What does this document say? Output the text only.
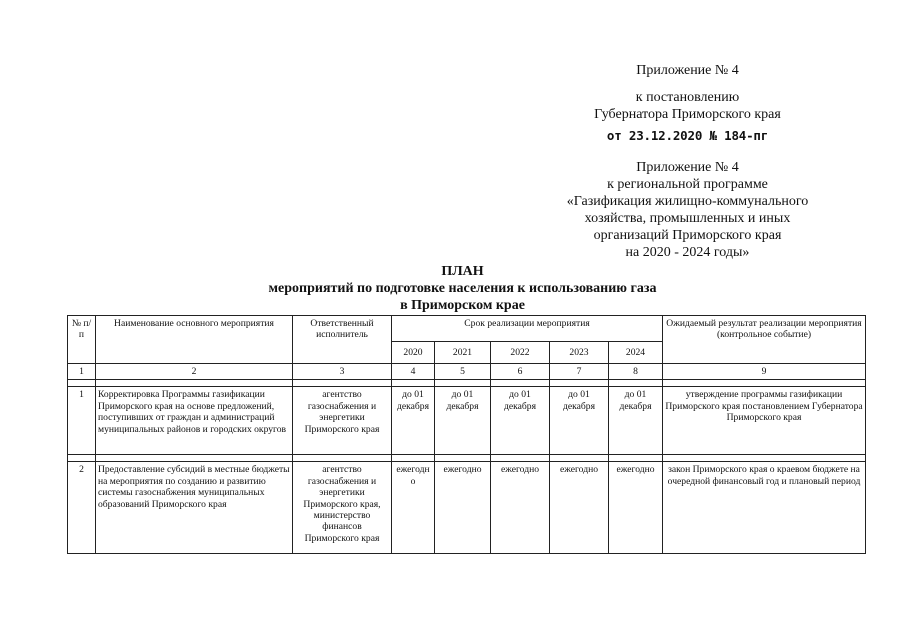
Приложение № 4
к постановлению
Губернатора Приморского края
от 23.12.2020 № 184-пг
Приложение № 4
к региональной программе
«Газификация жилищно-коммунального
хозяйства, промышленных и иных
организаций Приморского края
на 2020 - 2024 годы»
ПЛАН
мероприятий по подготовке населения к использованию газа
в Приморском крае
№ п/п	Наименование основного мероприятия	Ответственный исполнитель	Срок реализации мероприятия					Ожидаемый результат реализации мероприятия (контрольное событие)
			2020	2021	2022	2023	2024	
1	2	3	4	5	6	7	8	9

1	Корректировка Программы газификации Приморского края на основе предложений, поступивших от граждан и администраций муниципальных районов и городских округов	агентство газоснабжения и энергетики Приморского края	до 01 декабря	до 01 декабря	до 01 декабря	до 01 декабря	до 01 декабря	утверждение программы газификации Приморского края постановлением Губернатора Приморского края

2	Предоставление субсидий в местные бюджеты на мероприятия по созданию и развитию системы газоснабжения муниципальных образований Приморского края	агентство газоснабжения и энергетики Приморского края, министерство финансов Приморского края	ежегодн о	ежегодно	ежегодно	ежегодно	ежегодно	закон Приморского края о краевом бюджете на очередной финансовый год и плановый период
